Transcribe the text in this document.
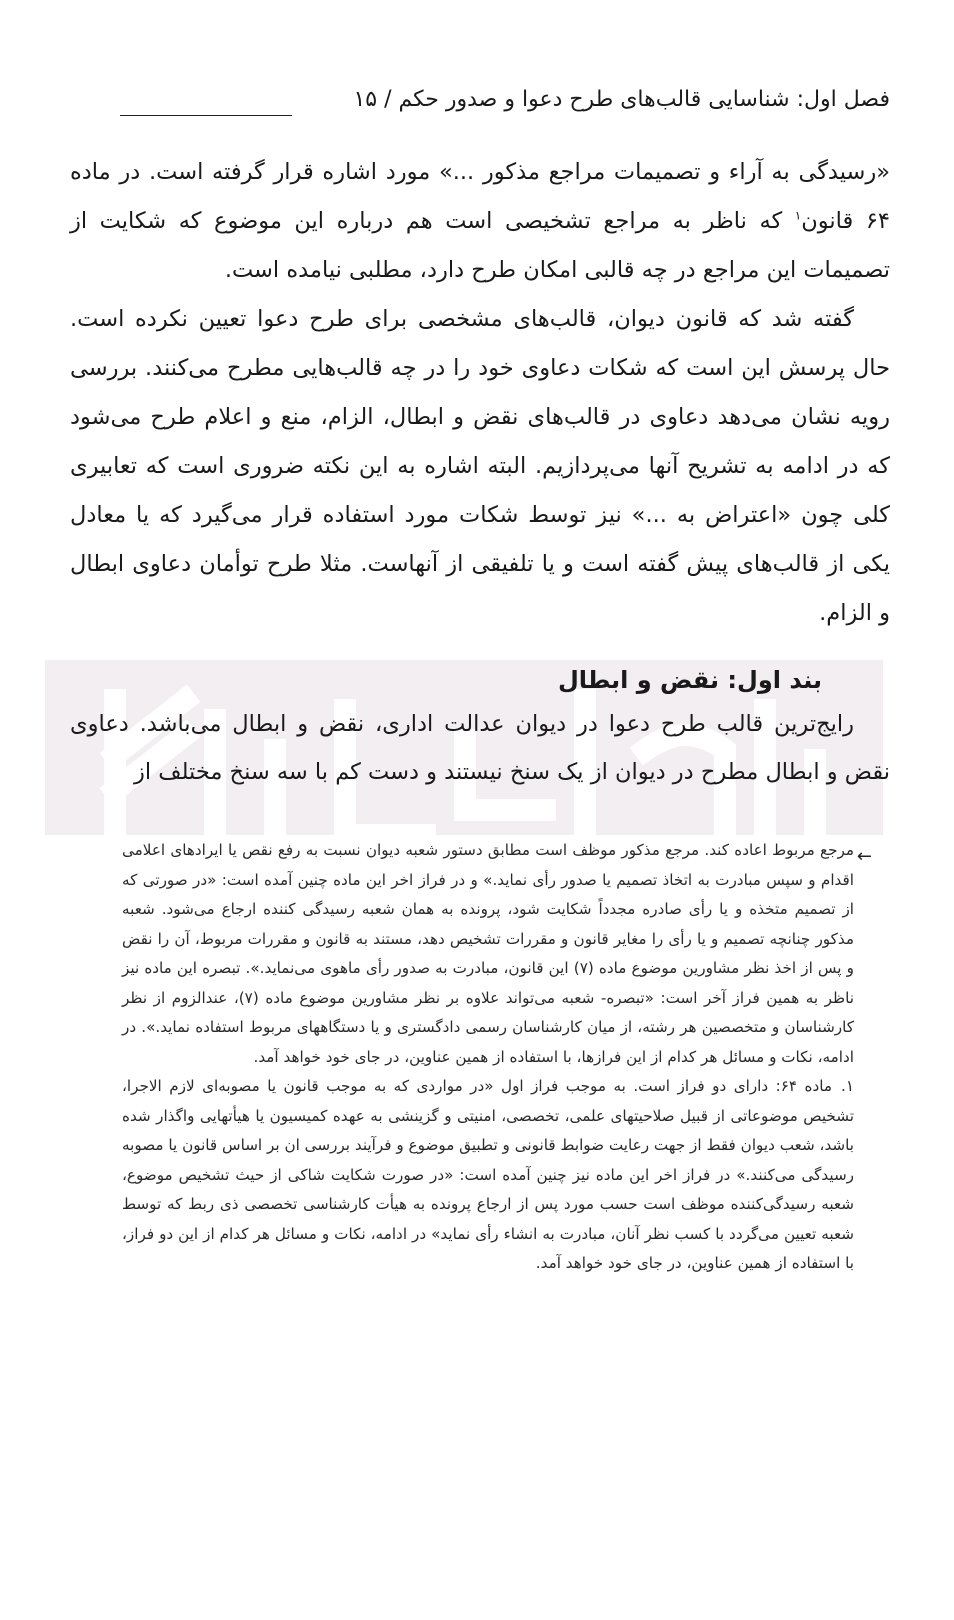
فصل اول: شناسایی قالب‌های طرح دعوا و صدور حکم / ۱۵

«رسیدگی به آراء و تصمیمات مراجع مذکور ...» مورد اشاره قرار گرفته است. در ماده ۶۴ قانون$^۱$ که ناظر به مراجع تشخیصی است هم درباره این موضوع که شکایت از تصمیمات این مراجع در چه قالبی امکان طرح دارد، مطلبی نیامده است.

گفته شد که قانون دیوان، قالب‌های مشخصی برای طرح دعوا تعیین نکرده است. حال پرسش این است که شکات دعاوی خود را در چه قالب‌هایی مطرح می‌کنند. بررسی رویه نشان می‌دهد دعاوی در قالب‌های نقض و ابطال، الزام، منع و اعلام طرح می‌شود که در ادامه به تشریح آنها می‌پردازیم. البته اشاره به این نکته ضروری است که تعابیری کلی چون «اعتراض به ...» نیز توسط شکات مورد استفاده قرار می‌گیرد که یا معادل یکی از قالب‌های پیش گفته است و یا تلفیقی از آنهاست. مثلا طرح توأمان دعاوی ابطال و الزام.

بند اول: نقض و ابطال

رایج‌ترین قالب طرح دعوا در دیوان عدالت اداری، نقض و ابطال می‌باشد. دعاوی نقض و ابطال مطرح در دیوان از یک سنخ نیستند و دست کم با سه سنخ مختلف از

←

مرجع مربوط اعاده کند. مرجع مذکور موظف است مطابق دستور شعبه دیوان نسبت به رفع نقص یا ایرادهای اعلامی اقدام و سپس مبادرت به اتخاذ تصمیم یا صدور رأی نماید.» و در فراز اخر این ماده چنین آمده است: «در صورتی که از تصمیم متخذه و یا رأی صادره مجدداً شکایت شود، پرونده به همان شعبه رسیدگی کننده ارجاع می‌شود. شعبه مذکور چنانچه تصمیم و یا رأی را مغایر قانون و مقررات تشخیص دهد، مستند به قانون و مقررات مربوط، آن را نقض و پس از اخذ نظر مشاورین موضوع ماده (۷) این قانون، مبادرت به صدور رأی ماهوی می‌نماید.». تبصره این ماده نیز ناظر به همین فراز آخر است: «تبصره- شعبه می‌تواند علاوه بر نظر مشاورین موضوع ماده (۷)، عندالزوم از نظر کارشناسان و متخصصین هر رشته، از میان کارشناسان رسمی دادگستری و یا دستگاههای مربوط استفاده نماید.». در ادامه، نکات و مسائل هر کدام از این فرازها، با استفاده از همین عناوین، در جای خود خواهد آمد.

۱.ماده ۶۴: دارای دو فراز است. به موجب فراز اول «در مواردی که به موجب قانون یا مصوبه‌ای لازم الاجرا، تشخیص موضوعاتی از قبیل صلاحیتهای علمی، تخصصی، امنیتی و گزینشی به عهده کمیسیون یا هیأتهایی واگذار شده باشد، شعب دیوان فقط از جهت رعایت ضوابط قانونی و تطبیق موضوع و فرآیند بررسی ان بر اساس قانون یا مصوبه رسیدگی می‌کنند.» در فراز اخر این ماده نیز چنین آمده است: «در صورت شکایت شاکی از حیث تشخیص موضوع، شعبه رسیدگی‌کننده موظف است حسب مورد پس از ارجاع پرونده به هیأت کارشناسی تخصصی ذی ربط که توسط شعبه تعیین می‌گردد با کسب نظر آنان، مبادرت به انشاء رأی نماید» در ادامه، نکات و مسائل هر کدام از این دو فراز، با استفاده از همین عناوین، در جای خود خواهد آمد.
